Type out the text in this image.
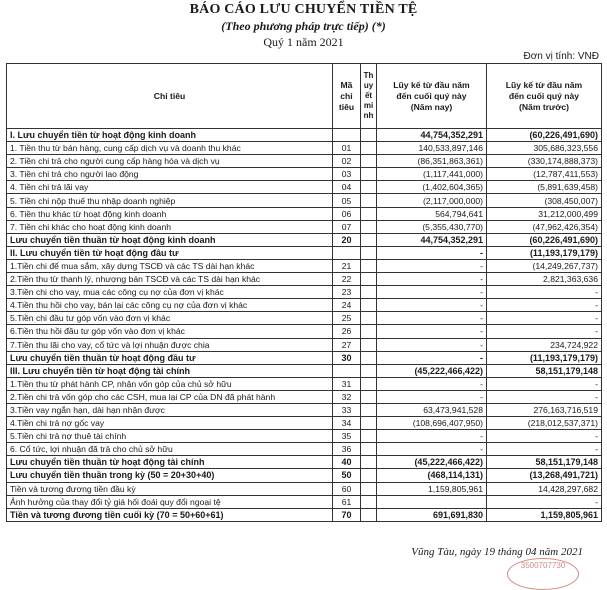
BÁO CÁO LƯU CHUYỂN TIỀN TỆ
(Theo phương pháp trực tiếp) (*)
Quý 1 năm 2021
Đơn vị tính: VNĐ
Chỉ tiêu	Mã
chỉ
tiêu	Th
uy
ết
mi
nh	Lũy kế từ đầu năm
đến cuối quý này
(Năm nay)	Lũy kế từ đầu năm
đến cuối quý này
(Năm trước)
I. Lưu chuyển tiền từ hoạt động kinh doanh			44,754,352,291	(60,226,491,690)
1. Tiền thu từ bán hàng, cung cấp dịch vụ và doanh thu khác	01		140,533,897,146	305,686,323,556
2. Tiền chi trả cho người cung cấp hàng hóa và dịch vụ	02		(86,351,863,361)	(330,174,888,373)
3. Tiền chi trả cho người lao động	03		(1,117,441,000)	(12,787,411,553)
4. Tiền chi trả lãi vay	04		(1,402,604,365)	(5,891,639,458)
5. Tiền chi nộp thuế thu nhập doanh nghiệp	05		(2,117,000,000)	(308,450,007)
6. Tiền thu khác từ hoạt động kinh doanh	06		564,794,641	31,212,000,499
7. Tiền chi khác cho hoạt động kinh doanh	07		(5,355,430,770)	(47,962,426,354)
Lưu chuyển tiền thuần từ hoạt động kinh doanh	20		44,754,352,291	(60,226,491,690)
II. Lưu chuyển tiền từ hoạt động đầu tư			-	(11,193,179,179)
1.Tiền chi để mua sắm, xây dựng TSCĐ và các TS dài hạn khác	21		-	(14,249,267,737)
2.Tiền thu từ thanh lý, nhượng bán TSCĐ và các TS dài hạn khác	22		-	2,821,363,636
3.Tiền chi cho vay, mua các công cụ nợ của đơn vị khác	23		-	-
4.Tiền thu hồi cho vay, bán lại các công cụ nợ của đơn vị khác	24		-	-
5.Tiền chi đầu tư góp vốn vào đơn vị khác	25		-	-
6.Tiền thu hồi đầu tư góp vốn vào đơn vị khác	26		-	-
7.Tiền thu lãi cho vay, cổ tức và lợi nhuận được chia	27		-	234,724,922
Lưu chuyển tiền thuần từ hoạt động đầu tư	30		-	(11,193,179,179)
III. Lưu chuyển tiền từ hoạt động tài chính			(45,222,466,422)	58,151,179,148
1.Tiền thu từ phát hành CP, nhận vốn góp của chủ sở hữu	31		-	-
2.Tiền chi trả vốn góp cho các CSH, mua lại CP của DN đã phát hành	32		-	-
3.Tiền vay ngắn hạn, dài hạn nhận được	33		63,473,941,528	276,163,716,519
4.Tiền chi trả nợ gốc vay	34		(108,696,407,950)	(218,012,537,371)
5.Tiền chi trả nợ thuê tài chính	35		-	-
6. Cổ tức, lợi nhuận đã trả cho chủ sở hữu	36		-	-
Lưu chuyển tiền thuần từ hoạt động tài chính	40		(45,222,466,422)	58,151,179,148
Lưu chuyển tiền thuần trong kỳ (50 = 20+30+40)	50		(468,114,131)	(13,268,491,721)
Tiền và tương đương tiền đầu kỳ	60		1,159,805,961	14,428,297,682
Ảnh hưởng của thay đổi tỷ giá hối đoái quy đổi ngoại tệ	61			-
Tiền và tương đương tiền cuối kỳ (70 = 50+60+61)	70		691,691,830	1,159,805,961
Vũng Tàu, ngày 19 tháng 04 năm 2021
3500707730
